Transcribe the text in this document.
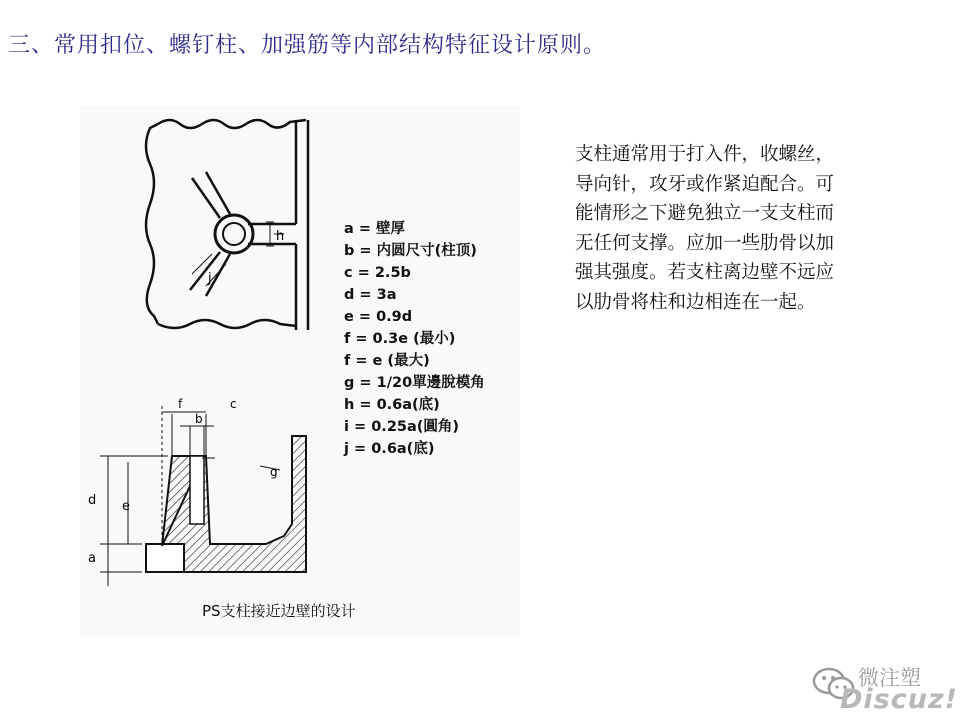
三、常用扣位、螺钉柱、加强筋等内部结构特征设计原则。
h
j
f	c
b
g
d e
a
a = 壁厚
b = 内圆尺寸(柱顶)
c = 2.5b
d = 3a
e = 0.9d
f = 0.3e (最小)
f = e (最大)
g = 1/20單邊脫模角
h = 0.6a(底)
i = 0.25a(圓角)
j = 0.6a(底)
PS支柱接近边壁的设计
支柱通常用于打入件，收螺丝，
导向针，攻牙或作紧迫配合。可
能情形之下避免独立一支支柱而
无任何支撑。应加一些肋骨以加
强其强度。若支柱离边壁不远应
以肋骨将柱和边相连在一起。
微注塑
Discuz!
